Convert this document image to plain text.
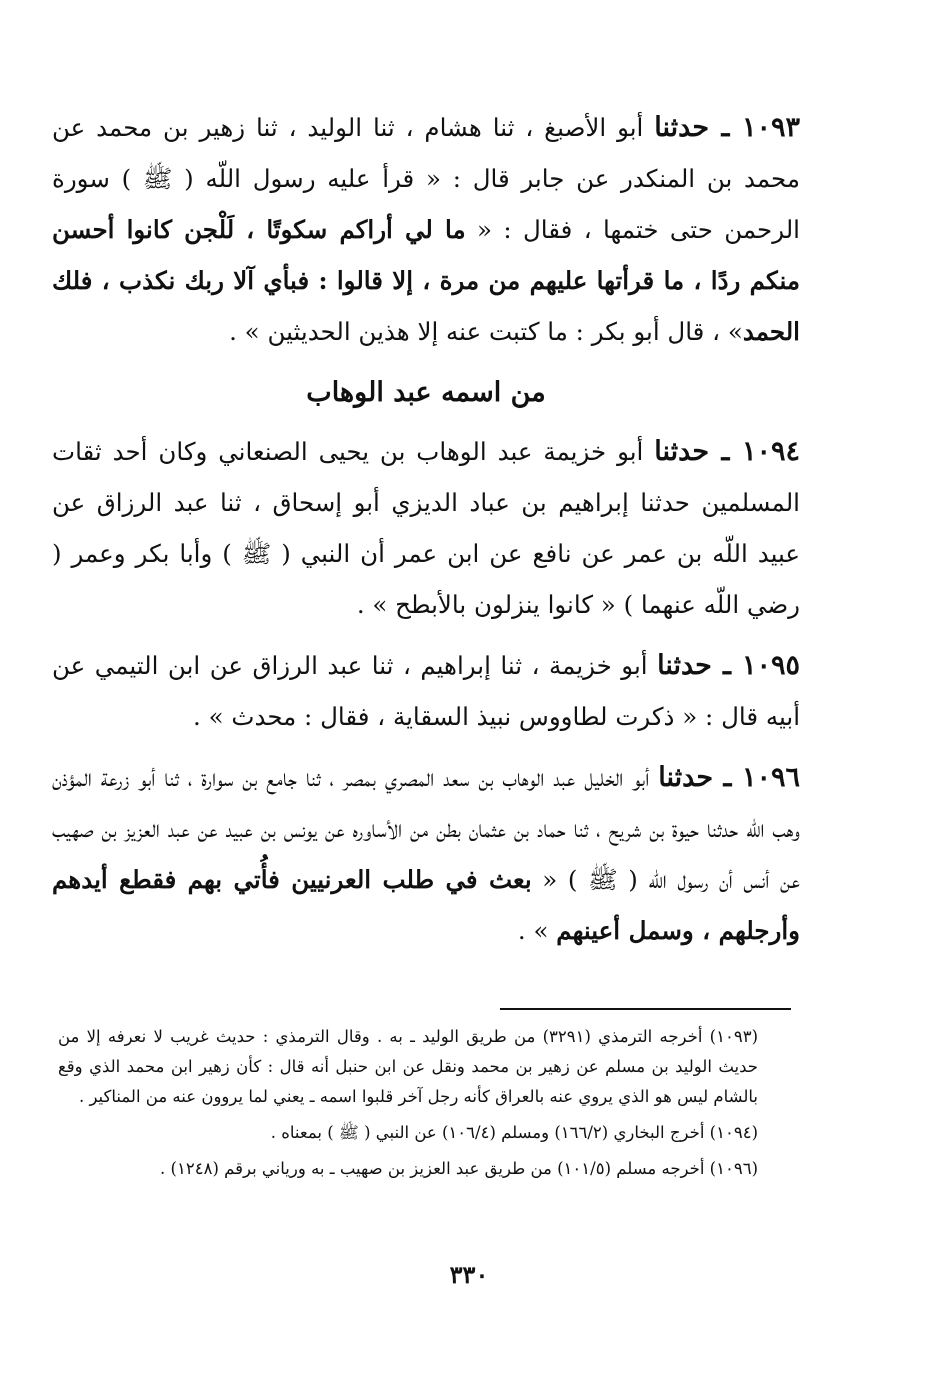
١٠٩٣ ـ حدثنا أبو الأصبغ ، ثنا هشام ، ثنا الوليد ، ثنا زهير بن محمد عن محمد بن المنكدر عن جابر قال : « قرأ عليه رسول اللّه ( ﷺ ) سورة الرحمن حتى ختمها ، فقال : « ما لي أراكم سكوتًا ، لَلْجن كانوا أحسن منكم ردًا ، ما قرأتها عليهم من مرة ، إلا قالوا : فبأي آلا ربك نكذب ، فلك الحمد» ، قال أبو بكر : ما كتبت عنه إلا هذين الحديثين » .

من اسمه عبد الوهاب

١٠٩٤ ـ حدثنا أبو خزيمة عبد الوهاب بن يحيى الصنعاني وكان أحد ثقات المسلمين حدثنا إبراهيم بن عباد الديزي أبو إسحاق ، ثنا عبد الرزاق عن عبيد اللّه بن عمر عن نافع عن ابن عمر أن النبي ( ﷺ ) وأبا بكر وعمر ( رضي اللّه عنهما ) « كانوا ينزلون بالأبطح » .

١٠٩٥ ـ حدثنا أبو خزيمة ، ثنا إبراهيم ، ثنا عبد الرزاق عن ابن التيمي عن أبيه قال : « ذكرت لطاووس نبيذ السقاية ، فقال : محدث » .

١٠٩٦ ـ حدثنا أبو الخليل عبد الوهاب بن سعد المصري بمصر ، ثنا جامع بن سوارة ، ثنا أبو زرعة المؤذن وهب اللّه حدثنا حيوة بن شريح ، ثنا حماد بن عثمان بطن من الأساوره عن يونس بن عبيد عن عبد العزيز بن صهيب عن أنس أن رسول اللّه ( ﷺ ) « بعث في طلب العرنيين فأُتي بهم فقطع أيدهم وأرجلهم ، وسمل أعينهم » .

(١٠٩٣) أخرجه الترمذي (٣٢٩١) من طريق الوليد ـ به . وقال الترمذي : حديث غريب لا نعرفه إلا من حديث الوليد بن مسلم عن زهير بن محمد ونقل عن ابن حنبل أنه قال : كأن زهير ابن محمد الذي وقع بالشام ليس هو الذي يروي عنه بالعراق كأنه رجل آخر قلبوا اسمه ـ يعني لما يروون عنه من المناكير .

(١٠٩٤) أخرج البخاري (١٦٦/٢) ومسلم (١٠٦/٤) عن النبي ( ﷺ ) بمعناه .

(١٠٩٦) أخرجه مسلم (١٠١/٥) من طريق عبد العزيز بن صهيب ـ به ورياني برقم (١٢٤٨) .

٣٣٠
